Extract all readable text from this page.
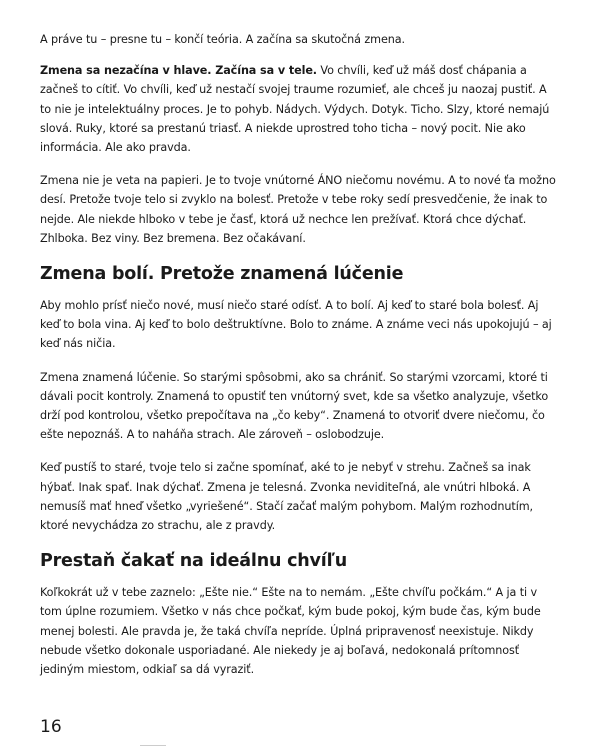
A práve tu – presne tu – končí teória. A začína sa skutočná zmena.

Zmena sa nezačína v hlave. Začína sa v tele. Vo chvíli, keď už máš dosť chápania a začneš to cítiť. Vo chvíli, keď už nestačí svojej traume rozumieť, ale chceš ju naozaj pustiť. A to nie je intelektuálny proces. Je to pohyb. Nádych. Výdych. Dotyk. Ticho. Slzy, ktoré nemajú slová. Ruky, ktoré sa prestanú triasť. A niekde uprostred toho ticha – nový pocit. Nie ako informácia. Ale ako pravda.

Zmena nie je veta na papieri. Je to tvoje vnútorné ÁNO niečomu novému. A to nové ťa možno desí. Pretože tvoje telo si zvyklo na bolesť. Pretože v tebe roky sedí presvedčenie, že inak to nejde. Ale niekde hlboko v tebe je časť, ktorá už nechce len prežívať. Ktorá chce dýchať. Zhlboka. Bez viny. Bez bremena. Bez očakávaní.

Zmena bolí. Pretože znamená lúčenie

Aby mohlo prísť niečo nové, musí niečo staré odísť. A to bolí. Aj keď to staré bola bolesť. Aj keď to bola vina. Aj keď to bolo deštruktívne. Bolo to známe. A známe veci nás upokojujú – aj keď nás ničia.

Zmena znamená lúčenie. So starými spôsobmi, ako sa chrániť. So starými vzorcami, ktoré ti dávali pocit kontroly. Znamená to opustiť ten vnútorný svet, kde sa všetko analyzuje, všetko drží pod kontrolou, všetko prepočítava na „čo keby“. Znamená to otvoriť dvere niečomu, čo ešte nepoznáš. A to naháňa strach. Ale zároveň – oslobodzuje.

Keď pustíš to staré, tvoje telo si začne spomínať, aké to je nebyť v strehu. Začneš sa inak hýbať. Inak spať. Inak dýchať. Zmena je telesná. Zvonka neviditeľná, ale vnútri hlboká. A nemusíš mať hneď všetko „vyriešené“. Stačí začať malým pohybom. Malým rozhodnutím, ktoré nevychádza zo strachu, ale z pravdy.

Prestaň čakať na ideálnu chvíľu

Koľkokrát už v tebe zaznelo: „Ešte nie.“ Ešte na to nemám. „Ešte chvíľu počkám.“ A ja ti v tom úplne rozumiem. Všetko v nás chce počkať, kým bude pokoj, kým bude čas, kým bude menej bolesti. Ale pravda je, že taká chvíľa nepríde. Úplná pripravenosť neexistuje. Nikdy nebude všetko dokonale usporiadané. Ale niekedy je aj boľavá, nedokonalá prítomnosť jediným miestom, odkiaľ sa dá vyraziť.

16
